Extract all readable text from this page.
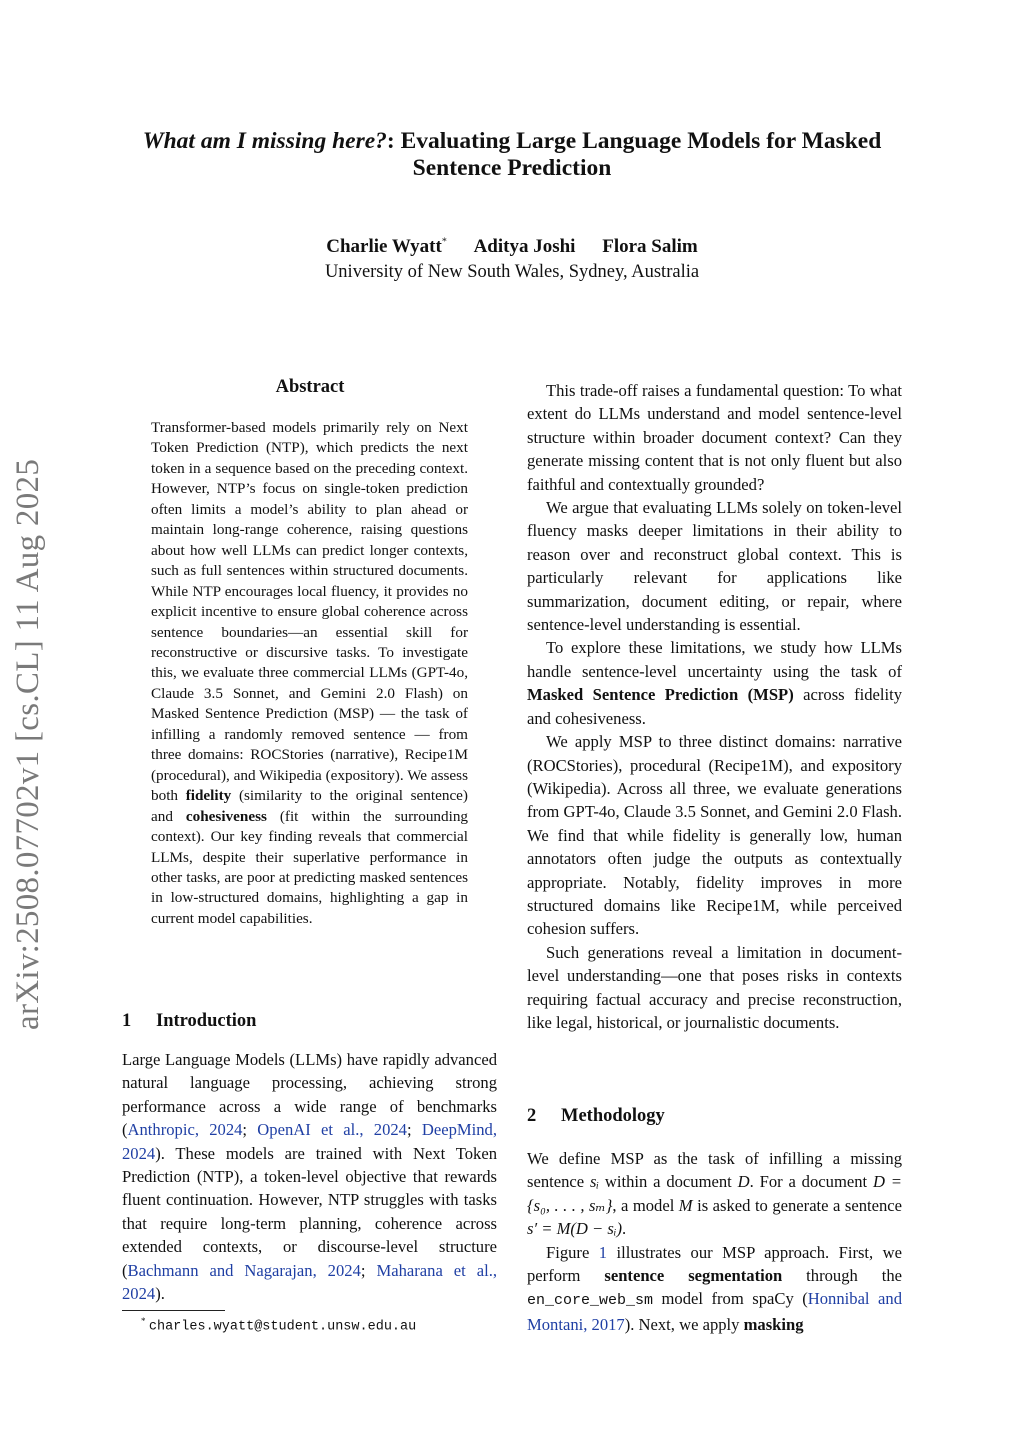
arXiv:2508.07702v1 [cs.CL] 11 Aug 2025
What am I missing here?: Evaluating Large Language Models for Masked Sentence Prediction
Charlie Wyatt* Aditya Joshi Flora Salim
University of New South Wales, Sydney, Australia
Abstract
Transformer-based models primarily rely on Next Token Prediction (NTP), which predicts the next token in a sequence based on the preceding context. However, NTP’s focus on single-token prediction often limits a model’s ability to plan ahead or maintain long-range coherence, raising questions about how well LLMs can predict longer contexts, such as full sentences within structured documents. While NTP encourages local fluency, it provides no explicit incentive to ensure global coherence across sentence boundaries—an essential skill for reconstructive or discursive tasks. To investigate this, we evaluate three commercial LLMs (GPT-4o, Claude 3.5 Sonnet, and Gemini 2.0 Flash) on Masked Sentence Prediction (MSP) — the task of infilling a randomly removed sentence — from three domains: ROCStories (narrative), Recipe1M (procedural), and Wikipedia (expository). We assess both fidelity (similarity to the original sentence) and cohesiveness (fit within the surrounding context). Our key finding reveals that commercial LLMs, despite their superlative performance in other tasks, are poor at predicting masked sentences in low-structured domains, highlighting a gap in current model capabilities.
1 Introduction

Large Language Models (LLMs) have rapidly advanced natural language processing, achieving strong performance across a wide range of benchmarks (Anthropic, 2024; OpenAI et al., 2024; DeepMind, 2024). These models are trained with Next Token Prediction (NTP), a token-level objective that rewards fluent continuation. However, NTP struggles with tasks that require long-term planning, coherence across extended contexts, or discourse-level structure (Bachmann and Nagarajan, 2024; Maharana et al., 2024).

* charles.wyatt@student.unsw.edu.au

This trade-off raises a fundamental question: To what extent do LLMs understand and model sentence-level structure within broader document context? Can they generate missing content that is not only fluent but also faithful and contextually grounded?

We argue that evaluating LLMs solely on token-level fluency masks deeper limitations in their ability to reason over and reconstruct global context. This is particularly relevant for applications like summarization, document editing, or repair, where sentence-level understanding is essential.

To explore these limitations, we study how LLMs handle sentence-level uncertainty using the task of Masked Sentence Prediction (MSP) across fidelity and cohesiveness.

We apply MSP to three distinct domains: narrative (ROCStories), procedural (Recipe1M), and expository (Wikipedia). Across all three, we evaluate generations from GPT-4o, Claude 3.5 Sonnet, and Gemini 2.0 Flash. We find that while fidelity is generally low, human annotators often judge the outputs as contextually appropriate. Notably, fidelity improves in more structured domains like Recipe1M, while perceived cohesion suffers.

Such generations reveal a limitation in document-level understanding—one that poses risks in contexts requiring factual accuracy and precise reconstruction, like legal, historical, or journalistic documents.

2 Methodology

We define MSP as the task of infilling a missing sentence sᵢ within a document D. For a document D = {s₀, . . . , sₘ}, a model M is asked to generate a sentence s′ = M(D − sᵢ).

Figure 1 illustrates our MSP approach. First, we perform sentence segmentation through the en_core_web_sm model from spaCy (Honnibal and Montani, 2017). Next, we apply masking
